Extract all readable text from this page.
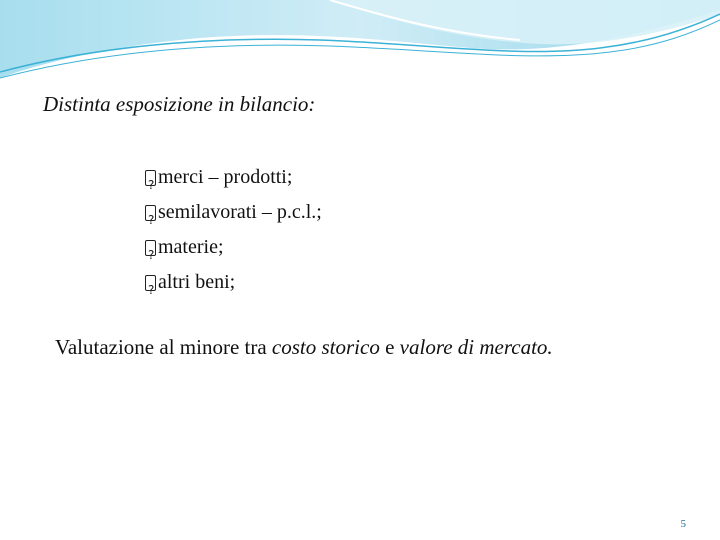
Distinta esposizione in bilancio:
?
merci – prodotti;
?
semilavorati – p.c.l.;
?
materie;
?
altri beni;
Valutazione al minore tra costo storico e valore di mercato.
5
